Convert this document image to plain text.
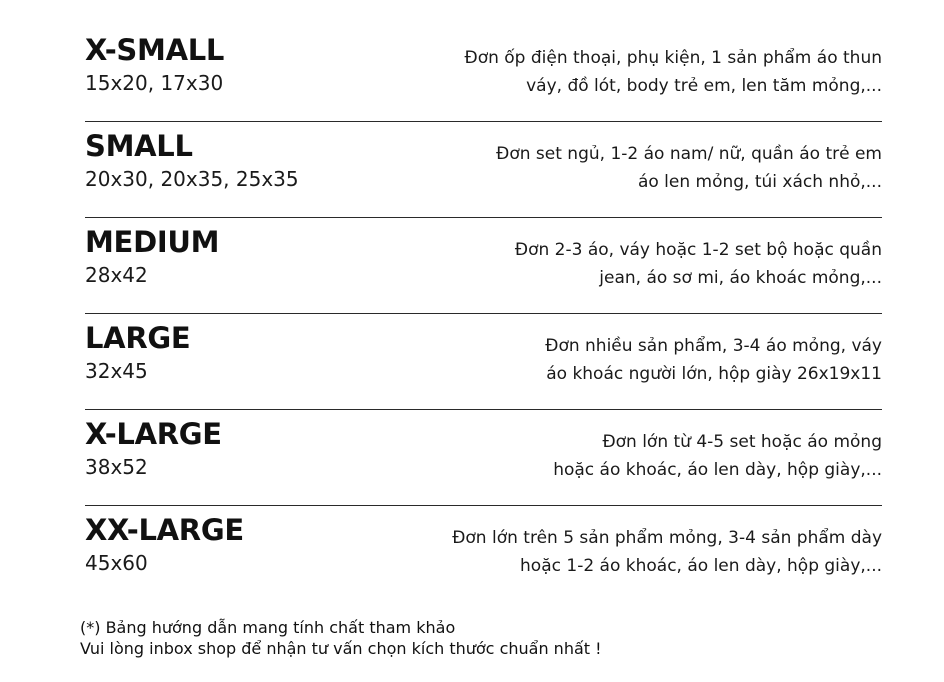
X-SMALL
15x20, 17x30
Đơn ốp điện thoại, phụ kiện, 1 sản phẩm áo thun
váy, đồ lót, body trẻ em, len tăm mỏng,...
SMALL
20x30, 20x35, 25x35
Đơn set ngủ, 1-2 áo nam/ nữ, quần áo trẻ em
áo len mỏng, túi xách nhỏ,...
MEDIUM
28x42
Đơn 2-3 áo, váy hoặc 1-2 set bộ hoặc quần
jean, áo sơ mi, áo khoác mỏng,...
LARGE
32x45
Đơn nhiều sản phẩm, 3-4 áo mỏng, váy
áo khoác người lớn, hộp giày 26x19x11
X-LARGE
38x52
Đơn lớn từ 4-5 set hoặc áo mỏng
hoặc áo khoác, áo len dày, hộp giày,...
XX-LARGE
45x60
Đơn lớn trên 5 sản phẩm mỏng, 3-4 sản phẩm dày
hoặc 1-2 áo khoác, áo len dày, hộp giày,...
(*) Bảng hướng dẫn mang tính chất tham khảo
Vui lòng inbox shop để nhận tư vấn chọn kích thước chuẩn nhất !
